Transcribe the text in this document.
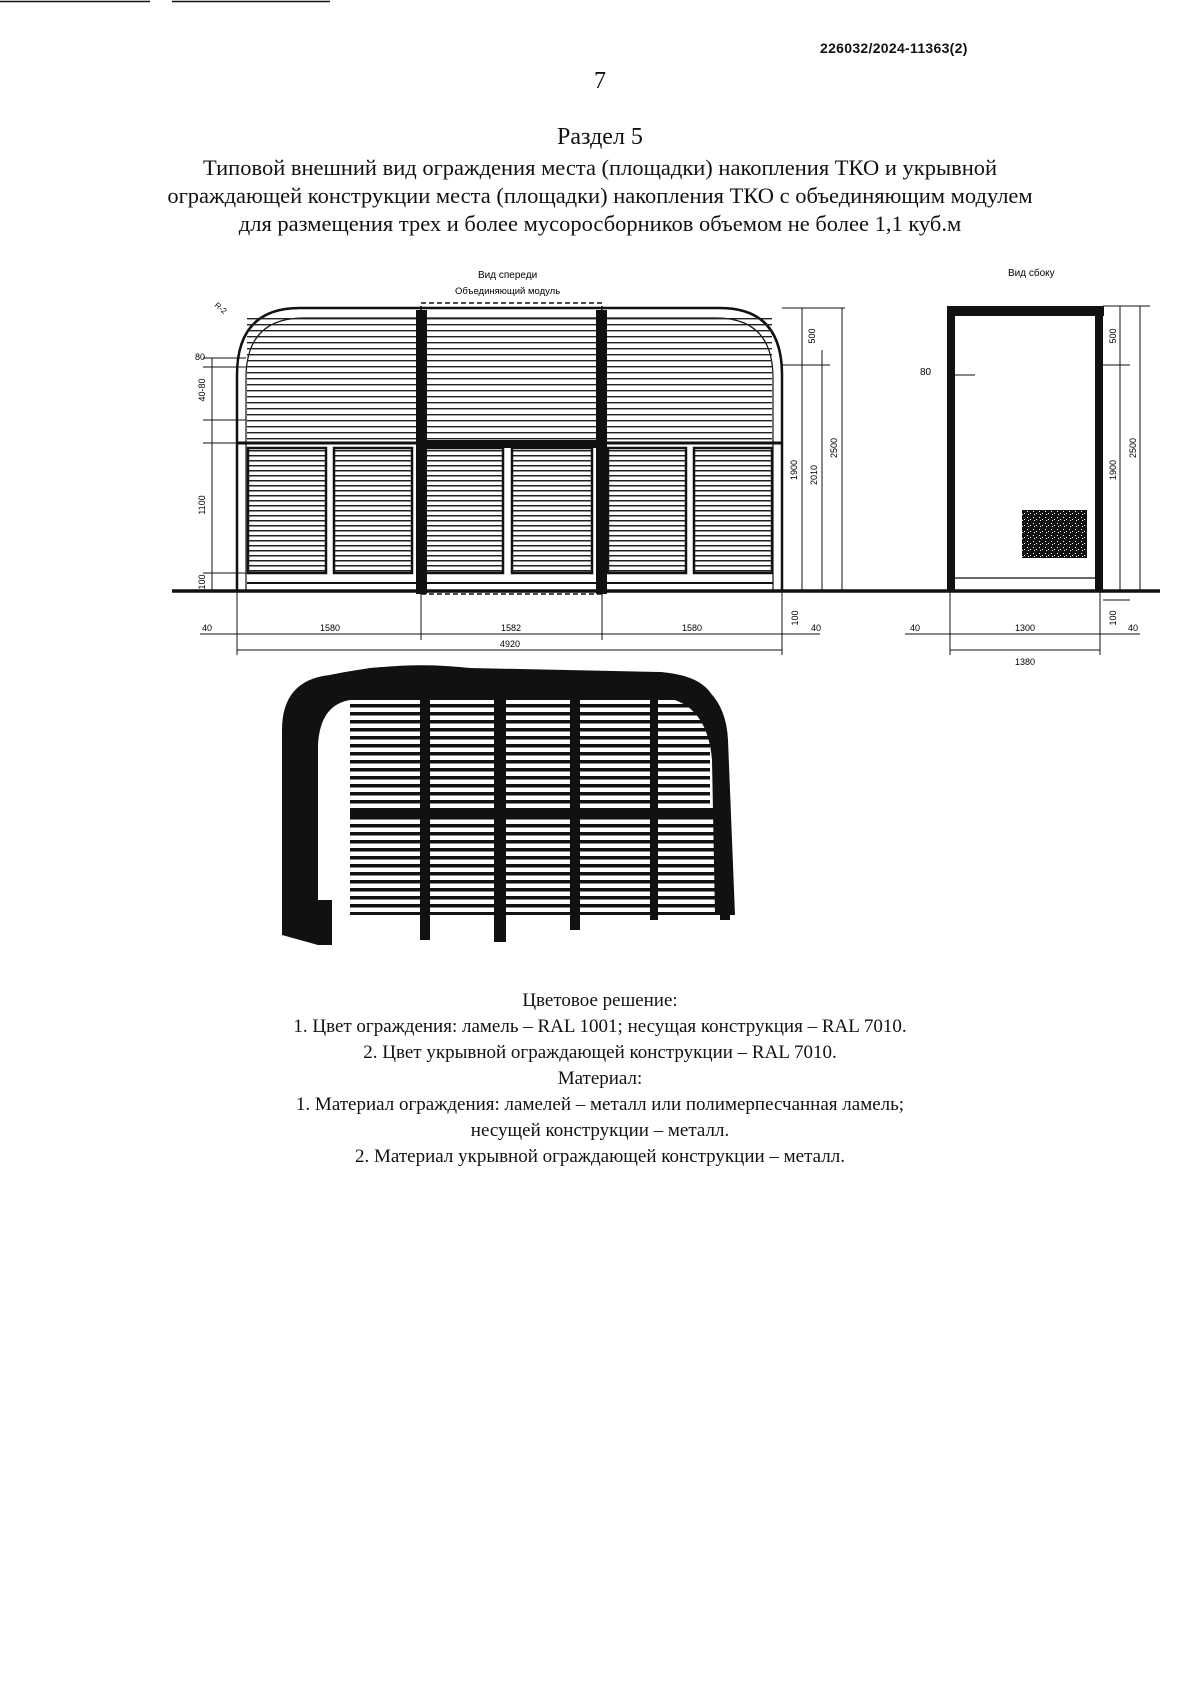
226032/2024-11363(2)
7
Раздел 5
Типовой внешний вид ограждения места (площадки) накопления ТКО и укрывной
ограждающей конструкции места (площадки) накопления ТКО с объединяющим модулем
для размещения трех и более мусоросборников объемом не более 1,1 куб.м
Вид спереди
Объединяющий модуль
R-2
80
40-80
1100
100
500
1900 2010
2500
40	1580	1582	1580
100
40
4920
Вид сбоку
80
500
1900
2500
100
40	1300	40
1380
Цветовое решение:
1. Цвет ограждения: ламель – RAL 1001; несущая конструкция – RAL 7010.
2. Цвет укрывной ограждающей конструкции – RAL 7010.
Материал:
1. Материал ограждения: ламелей – металл или полимерпесчанная ламель;
несущей конструкции – металл.
2. Материал укрывной ограждающей конструкции – металл.
